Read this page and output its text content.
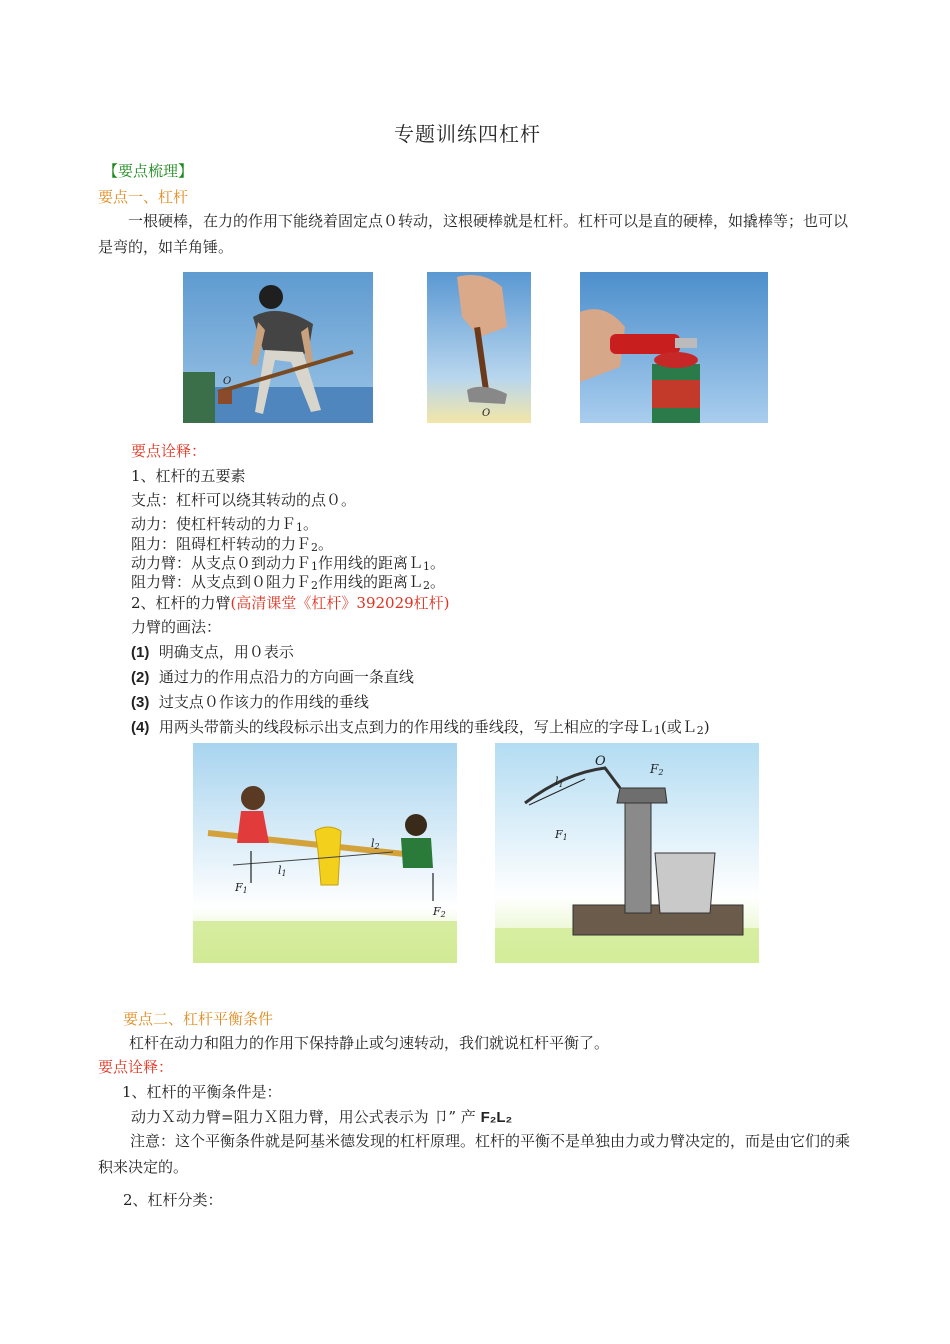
专题训练四杠杆
【要点梳理】
要点一、杠杆
一根硬棒，在力的作用下能绕着固定点０转动，这根硬棒就是杠杆。杠杆可以是直的硬棒，如撬棒等；也可以是弯的，如羊角锤。
O
O
要点诠释：
1、杠杆的五要素
支点：杠杆可以绕其转动的点０。
动力：使杠杆转动的力Ｆ1。
阻力：阻碍杠杆转动的力Ｆ2。
动力臂：从支点０到动力Ｆ1作用线的距离Ｌ1。
阻力臂：从支点到０阻力Ｆ2作用线的距离Ｌ2。
2、杠杆的力臂(高清课堂《杠杆》392029杠杆)
力臂的画法：
(1) 明确支点，用０表示
(2) 通过力的作用点沿力的方向画一条直线
(3) 过支点０作该力的作用线的垂线
(4) 用两头带箭头的线段标示出支点到力的作用线的垂线段，写上相应的字母Ｌ1(或Ｌ2)
F1
l1
l2
F2
O
l1
F2
F1
要点二、杠杆平衡条件
杠杆在动力和阻力的作用下保持静止或匀速转动，我们就说杠杆平衡了。
要点诠释：
1、杠杆的平衡条件是：
动力Ｘ动力臂=阻力Ｘ阻力臂，用公式表示为 卩” 产 F₂L₂
注意：这个平衡条件就是阿基米德发现的杠杆原理。杠杆的平衡不是单独由力或力臂决定的，而是由它们的乘积来决定的。
2、杠杆分类：
